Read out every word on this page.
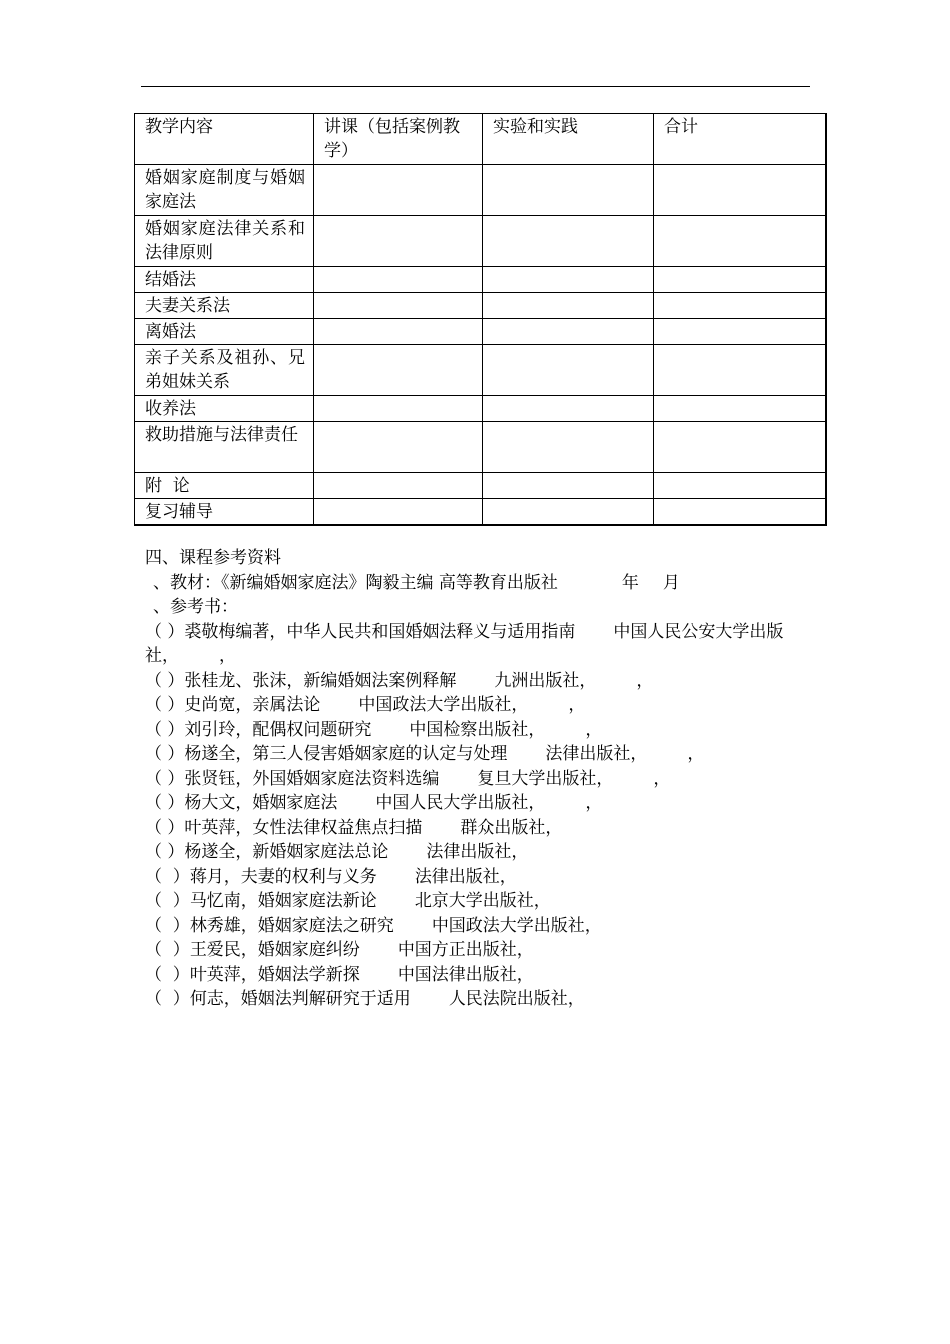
教学内容	讲课（包括案例教学）	实验和实践	合计
婚姻家庭制度与婚姻家庭法			
婚姻家庭法律关系和法律原则			
结婚法			
夫妻关系法			
离婚法			
亲子关系及祖孙、兄弟姐妹关系			
收养法			
救助措施与法律责任			
附  论			
复习辅导			
四、课程参考资料
、教材：《新编婚姻家庭法》陶毅主编 高等教育出版社	年 月
、参考书：
（ ）裘敬梅编著，中华人民共和国婚姻法释义与适用指南 中国人民公安大学出版社， ，
（ ）张桂龙、张沫，新编婚姻法案例释解 九洲出版社， ，
（ ）史尚宽，亲属法论 中国政法大学出版社， ，
（ ）刘引玲，配偶权问题研究 中国检察出版社， ，
（ ）杨遂全，第三人侵害婚姻家庭的认定与处理 法律出版社， ，
（ ）张贤钰，外国婚姻家庭法资料选编 复旦大学出版社， ，
（ ）杨大文，婚姻家庭法 中国人民大学出版社， ，
（ ）叶英萍，女性法律权益焦点扫描 群众出版社，
（ ）杨遂全，新婚姻家庭法总论 法律出版社，
（  ）蒋月，夫妻的权利与义务 法律出版社，
（  ）马忆南，婚姻家庭法新论 北京大学出版社，
（  ）林秀雄，婚姻家庭法之研究 中国政法大学出版社，
（  ）王爱民，婚姻家庭纠纷 中国方正出版社，
（  ）叶英萍，婚姻法学新探 中国法律出版社，
（  ）何志，婚姻法判解研究于适用 人民法院出版社，
